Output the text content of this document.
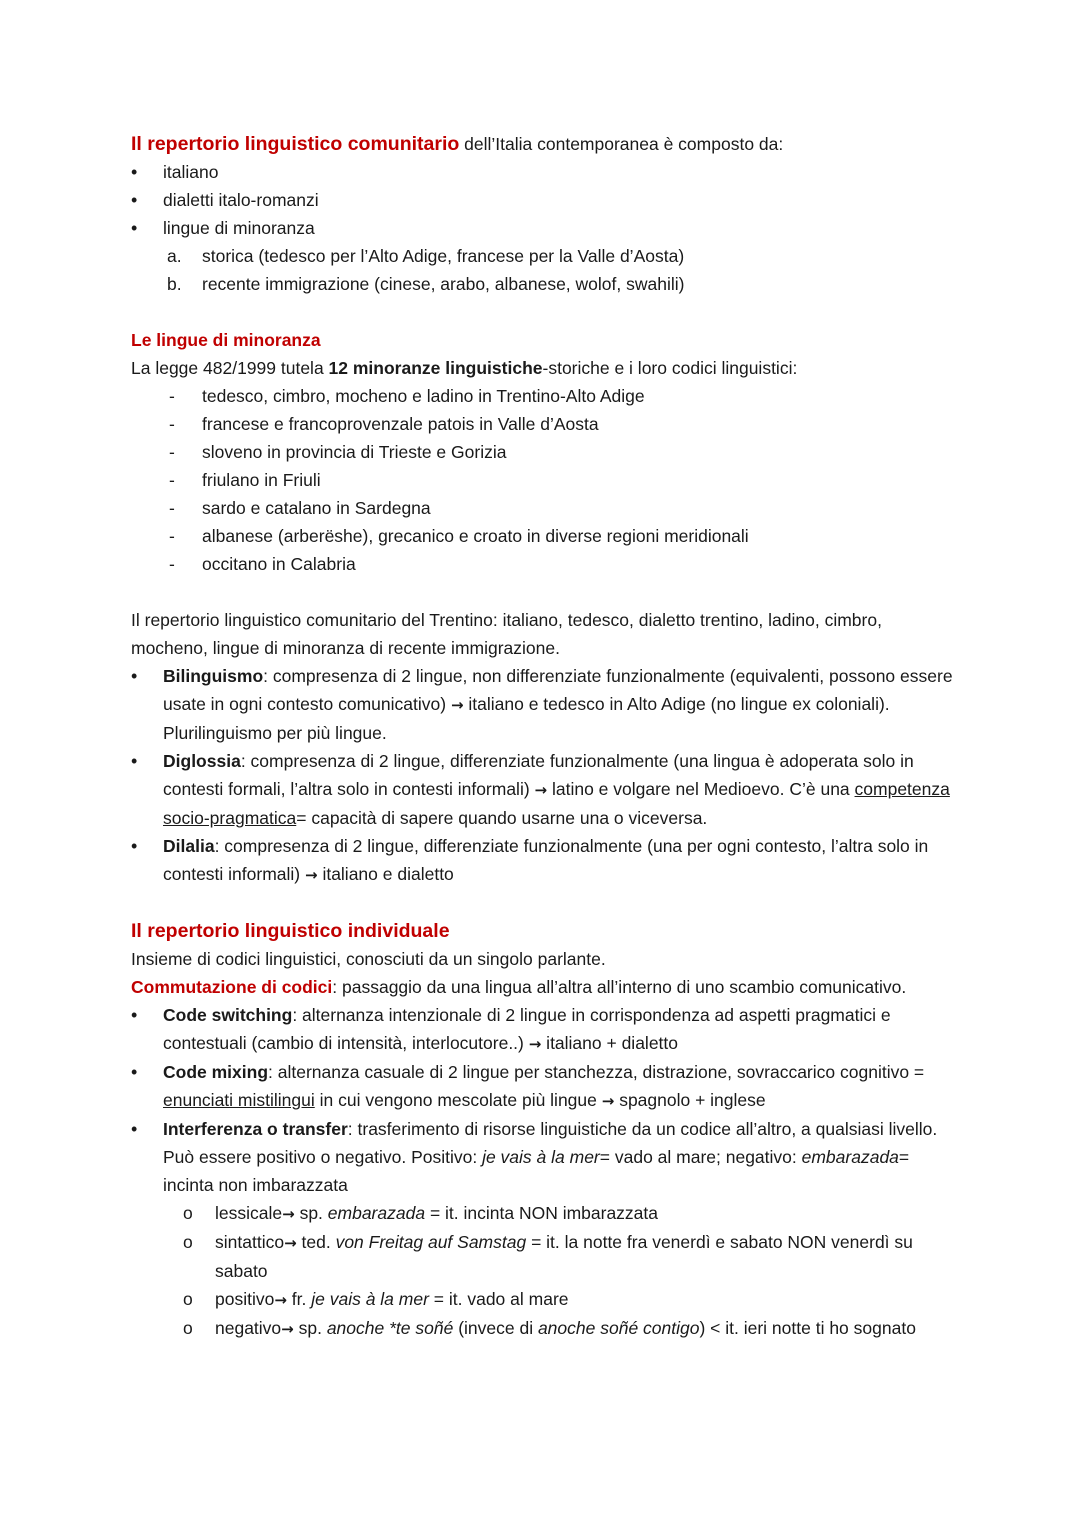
Il repertorio linguistico comunitario dell’Italia contemporanea è composto da:

• italiano
• dialetti italo-romanzi
• lingue di minoranza
a. storica (tedesco per l’Alto Adige, francese per la Valle d’Aosta)
b. recente immigrazione (cinese, arabo, albanese, wolof, swahili)

Le lingue di minoranza

La legge 482/1999 tutela 12 minoranze linguistiche-storiche e i loro codici linguistici:

- tedesco, cimbro, mocheno e ladino in Trentino-Alto Adige
- francese e francoprovenzale patois in Valle d’Aosta
- sloveno in provincia di Trieste e Gorizia
- friulano in Friuli
- sardo e catalano in Sardegna
- albanese (arberëshe), grecanico e croato in diverse regioni meridionali
- occitano in Calabria

Il repertorio linguistico comunitario del Trentino: italiano, tedesco, dialetto trentino, ladino, cimbro, mocheno, lingue di minoranza di recente immigrazione.

• Bilinguismo: compresenza di 2 lingue, non differenziate funzionalmente (equivalenti, possono essere usate in ogni contesto comunicativo) → italiano e tedesco in Alto Adige (no lingue ex coloniali). Plurilinguismo per più lingue.
• Diglossia: compresenza di 2 lingue, differenziate funzionalmente (una lingua è adoperata solo in contesti formali, l’altra solo in contesti informali) → latino e volgare nel Medioevo. C’è una competenza socio-pragmatica= capacità di sapere quando usarne una o viceversa.
• Dilalia: compresenza di 2 lingue, differenziate funzionalmente (una per ogni contesto, l’altra solo in contesti informali) → italiano e dialetto

Il repertorio linguistico individuale

Insieme di codici linguistici, conosciuti da un singolo parlante.

Commutazione di codici: passaggio da una lingua all’altra all’interno di uno scambio comunicativo.

• Code switching: alternanza intenzionale di 2 lingue in corrispondenza ad aspetti pragmatici e contestuali (cambio di intensità, interlocutore..) → italiano + dialetto
• Code mixing: alternanza casuale di 2 lingue per stanchezza, distrazione, sovraccarico cognitivo = enunciati mistilingui in cui vengono mescolate più lingue → spagnolo + inglese
• Interferenza o transfer: trasferimento di risorse linguistiche da un codice all’altro, a qualsiasi livello. Può essere positivo o negativo. Positivo: je vais à la mer= vado al mare; negativo: embarazada= incinta non imbarazzata
o lessicale→ sp. embarazada = it. incinta NON imbarazzata
o sintattico→ ted. von Freitag auf Samstag = it. la notte fra venerdì e sabato NON venerdì su sabato
o positivo→ fr. je vais à la mer = it. vado al mare
o negativo→ sp. anoche *te soñé (invece di anoche soñé contigo) < it. ieri notte ti ho sognato
